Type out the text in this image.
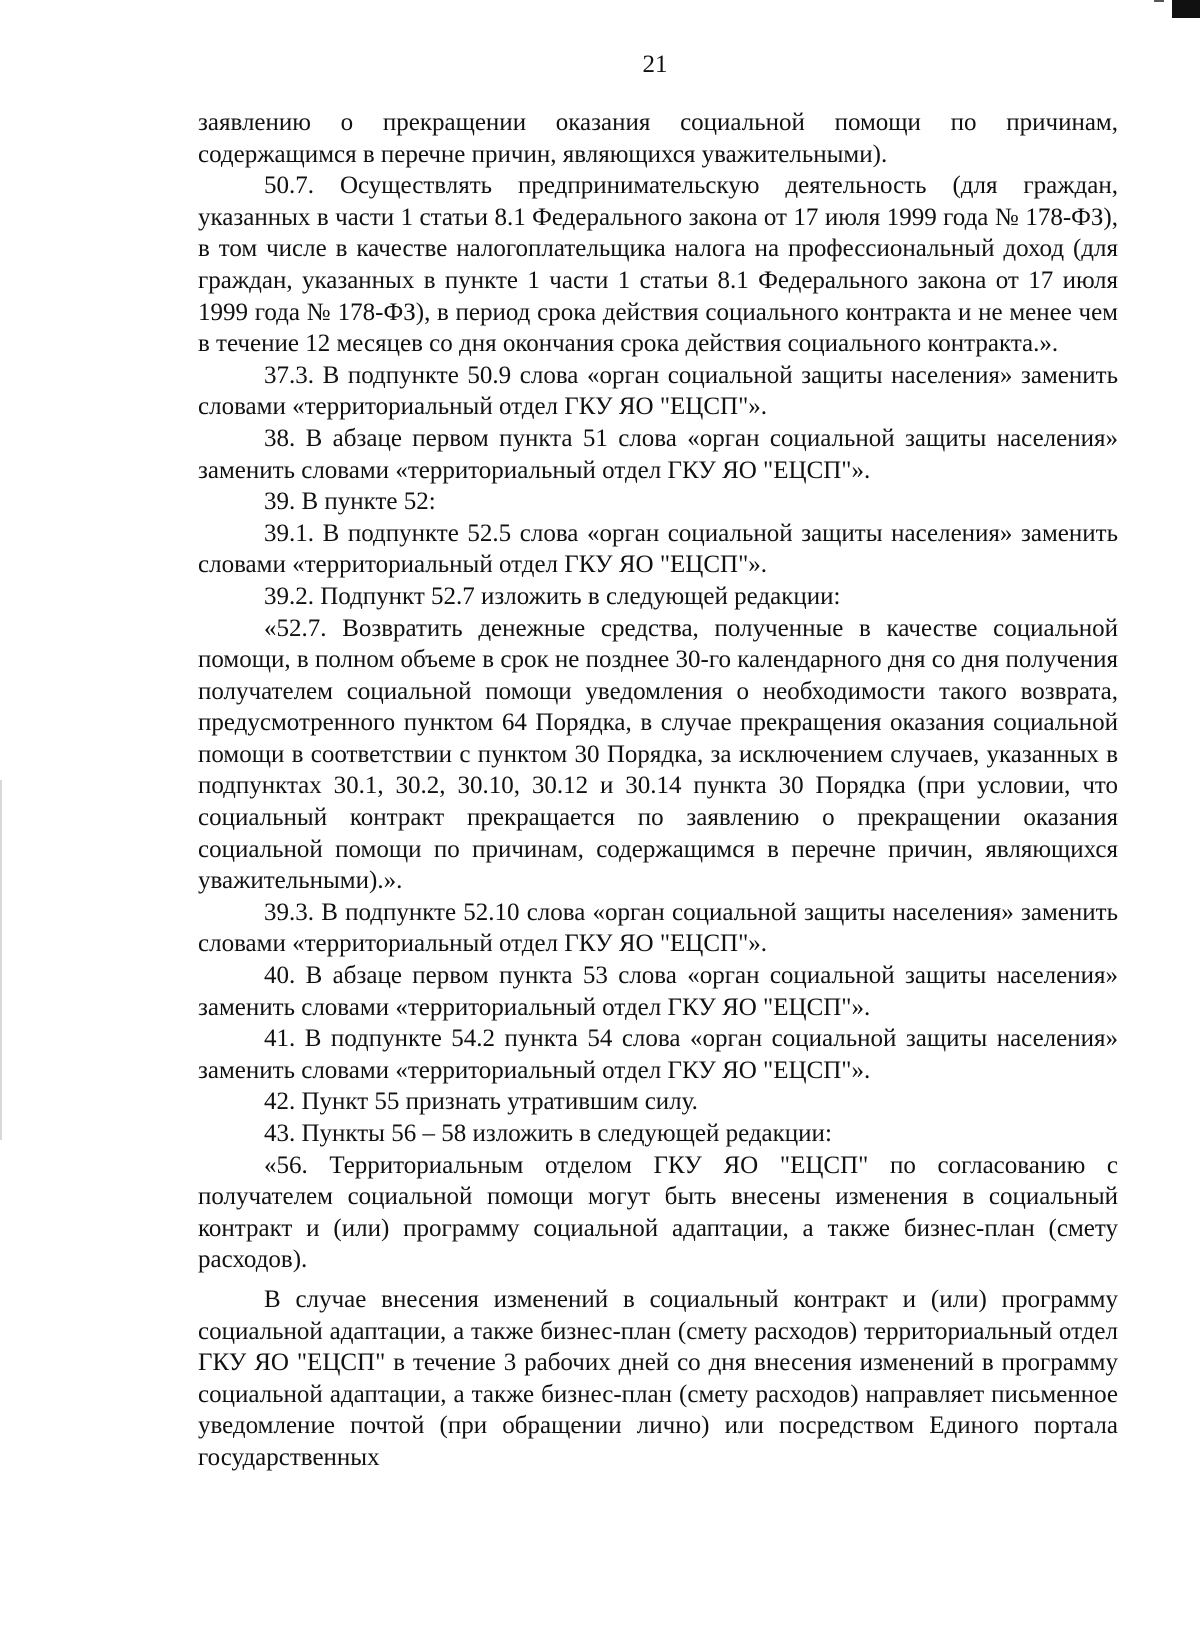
21

заявлению о прекращении оказания социальной помощи по причинам, содержащимся в перечне причин, являющихся уважительными).

50.7. Осуществлять предпринимательскую деятельность (для граждан, указанных в части 1 статьи 8.1 Федерального закона от 17 июля 1999 года № 178-ФЗ), в том числе в качестве налогоплательщика налога на профессиональный доход (для граждан, указанных в пункте 1 части 1 статьи 8.1 Федерального закона от 17 июля 1999 года № 178-ФЗ), в период срока действия социального контракта и не менее чем в течение 12 месяцев со дня окончания срока действия социального контракта.».

37.3. В подпункте 50.9 слова «орган социальной защиты населения» заменить словами «территориальный отдел ГКУ ЯО "ЕЦСП"».

38. В абзаце первом пункта 51 слова «орган социальной защиты населения» заменить словами «территориальный отдел ГКУ ЯО "ЕЦСП"».

39. В пункте 52:

39.1. В подпункте 52.5 слова «орган социальной защиты населения» заменить словами «территориальный отдел ГКУ ЯО "ЕЦСП"».

39.2. Подпункт 52.7 изложить в следующей редакции:

«52.7. Возвратить денежные средства, полученные в качестве социальной помощи, в полном объеме в срок не позднее 30-го календарного дня со дня получения получателем социальной помощи уведомления о необходимости такого возврата, предусмотренного пунктом 64 Порядка, в случае прекращения оказания социальной помощи в соответствии с пунктом 30 Порядка, за исключением случаев, указанных в подпунктах 30.1, 30.2, 30.10, 30.12 и 30.14 пункта 30 Порядка (при условии, что социальный контракт прекращается по заявлению о прекращении оказания социальной помощи по причинам, содержащимся в перечне причин, являющихся уважительными).».

39.3. В подпункте 52.10 слова «орган социальной защиты населения» заменить словами «территориальный отдел ГКУ ЯО "ЕЦСП"».

40. В абзаце первом пункта 53 слова «орган социальной защиты населения» заменить словами «территориальный отдел ГКУ ЯО "ЕЦСП"».

41. В подпункте 54.2 пункта 54 слова «орган социальной защиты населения» заменить словами «территориальный отдел ГКУ ЯО "ЕЦСП"».

42. Пункт 55 признать утратившим силу.

43. Пункты 56 – 58 изложить в следующей редакции:

«56. Территориальным отделом ГКУ ЯО "ЕЦСП" по согласованию с получателем социальной помощи могут быть внесены изменения в социальный контракт и (или) программу социальной адаптации, а также бизнес-план (смету расходов).

В случае внесения изменений в социальный контракт и (или) программу социальной адаптации, а также бизнес-план (смету расходов) территориальный отдел ГКУ ЯО "ЕЦСП" в течение 3 рабочих дней со дня внесения изменений в программу социальной адаптации, а также бизнес-план (смету расходов) направляет письменное уведомление почтой (при обращении лично) или посредством Единого портала государственных
